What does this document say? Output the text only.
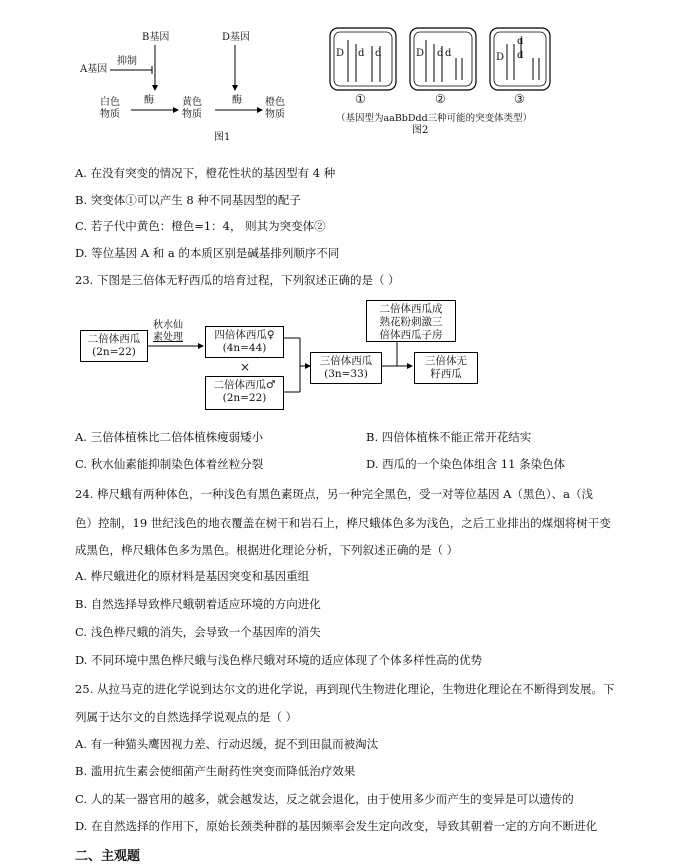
B基因	D基因
A基因
抑制
白色
物质
酶	黄色
物质
酶 橙色
物质
图1
D d d	D d d	D
d
d
①	②	③
（基因型为aaBbDdd三种可能的突变体类型）
图2
A. 在没有突变的情况下，橙花性状的基因型有 4 种
B. 突变体①可以产生 8 种不同基因型的配子
C. 若子代中黄色：橙色=1：4， 则其为突变体②
D. 等位基因 A 和 a 的本质区别是碱基排列顺序不同
23. 下图是三倍体无籽西瓜的培育过程，下列叙述正确的是（ ）
二倍体西瓜
(2n=22)
秋水仙
素处理	四倍体西瓜♀
(4n=44)
×
二倍体西瓜♂
(2n=22)
三倍体西瓜
(3n=33)
二倍体西瓜成
熟花粉刺激三
倍体西瓜子房
三倍体无
籽西瓜
A. 三倍体植株比二倍体植株瘦弱矮小	B. 四倍体植株不能正常开花结实
C. 秋水仙素能抑制染色体着丝粒分裂	D. 西瓜的一个染色体组含 11 条染色体
24. 桦尺蛾有两种体色，一种浅色有黑色素斑点，另一种完全黑色，受一对等位基因 A（黑色）、a（浅
色）控制，19 世纪浅色的地衣覆盖在树干和岩石上，桦尺蛾体色多为浅色，之后工业排出的煤烟将树干变
成黑色，桦尺蛾体色多为黑色。根据进化理论分析，下列叙述正确的是（ ）
A. 桦尺蛾进化的原材料是基因突变和基因重组
B. 自然选择导致桦尺蛾朝着适应环境的方向进化
C. 浅色桦尺蛾的消失，会导致一个基因库的消失
D. 不同环境中黑色桦尺蛾与浅色桦尺蛾对环境的适应体现了个体多样性高的优势
25. 从拉马克的进化学说到达尔文的进化学说，再到现代生物进化理论，生物进化理论在不断得到发展。下
列属于达尔文的自然选择学说观点的是（ ）
A. 有一种猫头鹰因视力差、行动迟缓，捉不到田鼠而被淘汰
B. 滥用抗生素会使细菌产生耐药性突变而降低治疗效果
C. 人的某一器官用的越多，就会越发达，反之就会退化，由于使用多少而产生的变异是可以遗传的
D. 在自然选择的作用下，原始长颈类种群的基因频率会发生定向改变，导致其朝着一定的方向不断进化
二、主观题
